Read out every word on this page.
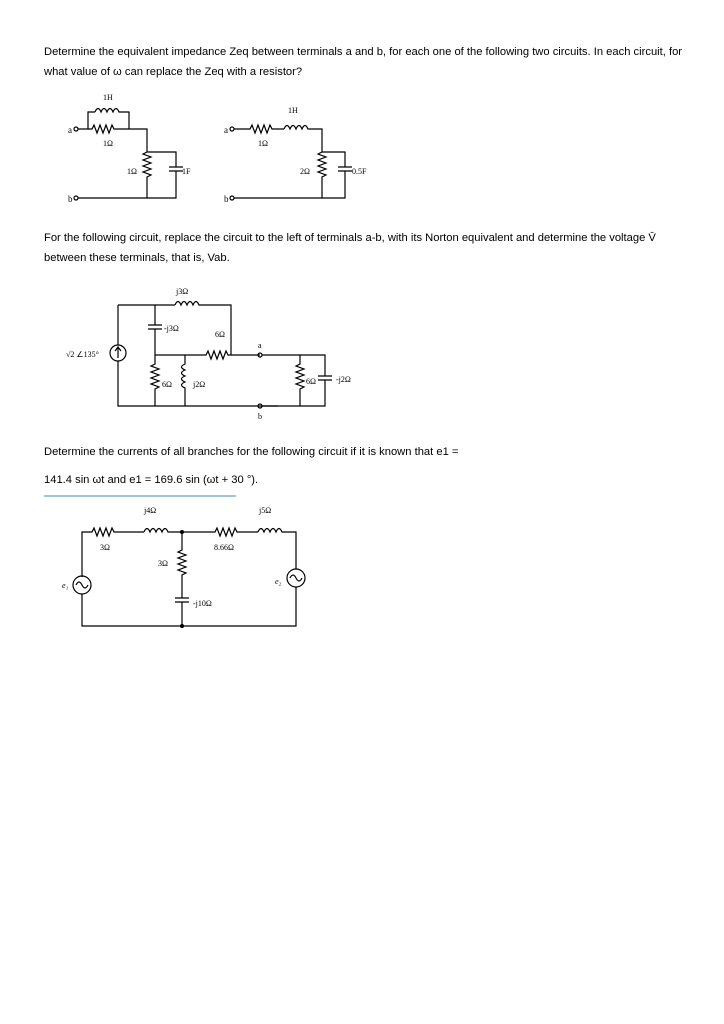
Determine the equivalent impedance Zeq between terminals a and b, for each one of the following two circuits. In each circuit, for what value of ω can replace the Zeq with a resistor?
For the following circuit, replace the circuit to the left of terminals a-b, with its Norton equivalent and determine the voltage V̄ between these terminals, that is, Vab.
Determine the currents of all branches for the following circuit if it is known that e1 =
141.4 sin ωt and e1 = 169.6 sin (ωt + 30 °).
a
b
1H
1Ω
1Ω	1F
a
b
1H
1Ω
2Ω	0.5F
√2 ∠135°
j3Ω
-j3Ω
6Ω
a
6Ω	j2Ω
b
6Ω	-j2Ω
3Ω
j4Ω
8.66Ω
j5Ω
3Ω
-j10Ω
e₁	e₂
